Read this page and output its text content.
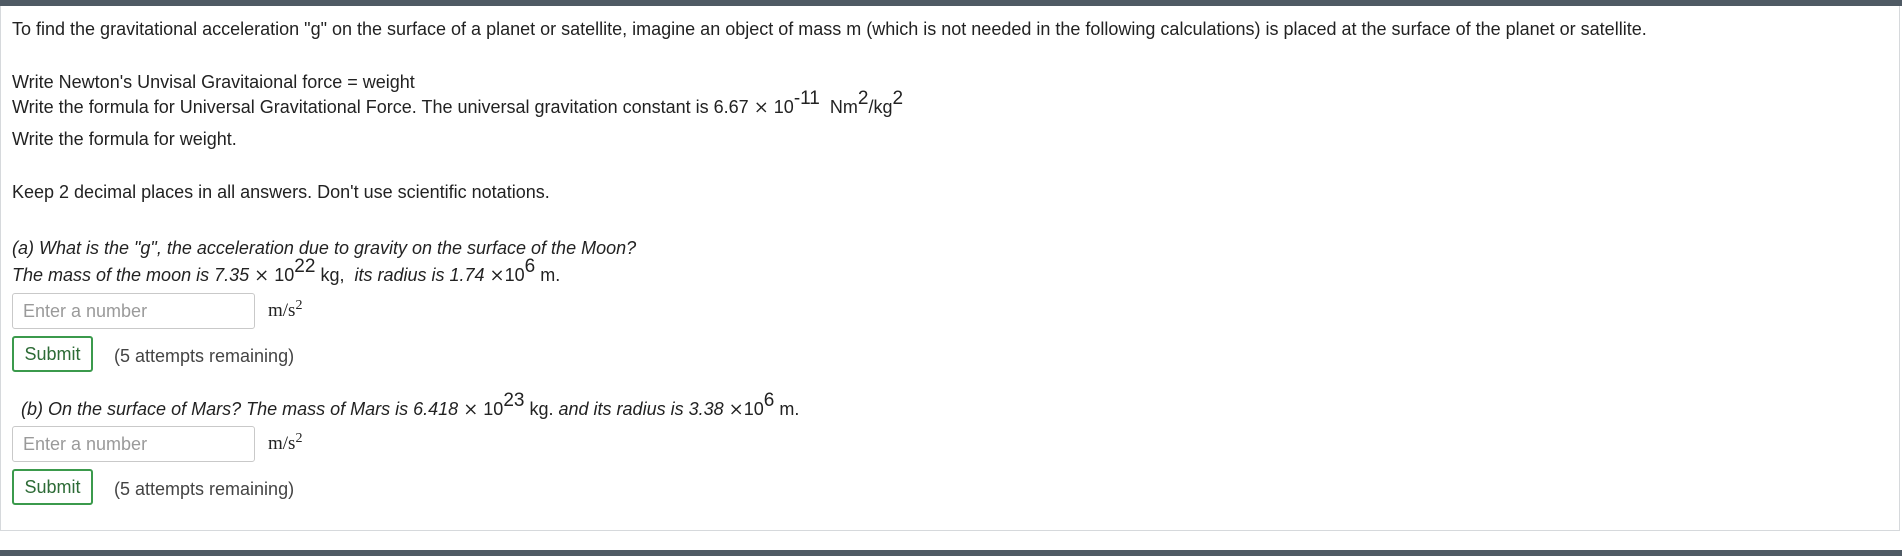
To find the gravitational acceleration "g" on the surface of a planet or satellite, imagine an object of mass m (which is not needed in the following calculations) is placed at the surface of the planet or satellite.
Write Newton's Unvisal Gravitaional force = weight
Write the formula for Universal Gravitational Force. The universal gravitation constant is 6.67 × 10-11 Nm2/kg2
Write the formula for weight.
Keep 2 decimal places in all answers. Don't use scientific notations.
(a) What is the "g", the acceleration due to gravity on the surface of the Moon?
The mass of the moon is 7.35 × 1022 kg, its radius is 1.74 ×106 m.
Enter a number
$m/s^2$
Submit	(5 attempts remaining)
(b) On the surface of Mars? The mass of Mars is 6.418 × 1023 kg. and its radius is 3.38 ×106 m.
Enter a number
$m/s^2$
Submit	(5 attempts remaining)
